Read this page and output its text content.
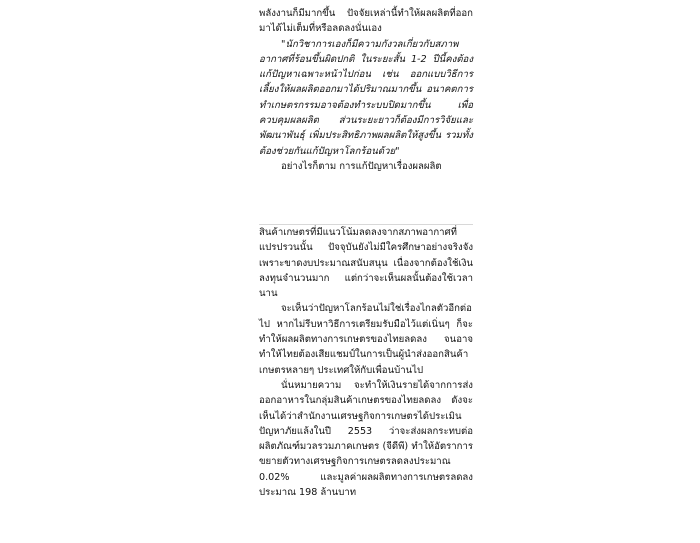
พลังงานก็มีมากขึ้น ปัจจัยเหล่านี้ทำให้ผลผลิตที่ออกมาได้ไม่เต็มที่หรือลดลงนั่นเอง

"นักวิชาการเองก็มีความกังวลเกี่ยวกับสภาพอากาศที่ร้อนขึ้นผิดปกติ ในระยะสั้น 1-2 ปีนี้คงต้องแก้ปัญหาเฉพาะหน้าไปก่อน เช่น ออกแบบวิธีการเลี้ยงให้ผลผลิตออกมาได้ปริมาณมากขึ้น อนาคตการทำเกษตรกรรมอาจต้องทำระบบปิดมากขึ้น เพื่อควบคุมผลผลิต ส่วนระยะยาวก็ต้องมีการวิจัยและพัฒนาพันธุ์ เพิ่มประสิทธิภาพผลผลิตให้สูงขึ้น รวมทั้งต้องช่วยกันแก้ปัญหาโลกร้อนด้วย"

อย่างไรก็ตาม การแก้ปัญหาเรื่องผลผลิต

สินค้าเกษตรที่มีแนวโน้มลดลงจากสภาพอากาศที่แปรปรวนนั้น ปัจจุบันยังไม่มีใครศึกษาอย่างจริงจัง เพราะขาดงบประมาณสนับสนุน เนื่องจากต้องใช้เงินลงทุนจำนวนมาก แต่กว่าจะเห็นผลนั้นต้องใช้เวลานาน

จะเห็นว่าปัญหาโลกร้อนไม่ใช่เรื่องไกลตัวอีกต่อไป หากไม่รีบหาวิธีการเตรียมรับมือไว้แต่เนิ่นๆ ก็จะทำให้ผลผลิตทางการเกษตรของไทยลดลง จนอาจทำให้ไทยต้องเสียแชมป์ในการเป็นผู้นำส่งออกสินค้าเกษตรหลายๆ ประเทศให้กับเพื่อนบ้านไป

นั่นหมายความ จะทำให้เงินรายได้จากการส่งออกอาหารในกลุ่มสินค้าเกษตรของไทยลดลง ดังจะเห็นได้ว่าสำนักงานเศรษฐกิจการเกษตรได้ประเมินปัญหาภัยแล้งในปี 2553 ว่าจะส่งผลกระทบต่อผลิตภัณฑ์มวลรวมภาคเกษตร (จีดีพี) ทำให้อัตราการขยายตัวทางเศรษฐกิจการเกษตรลดลงประมาณ 0.02% และมูลค่าผลผลิตทางการเกษตรลดลงประมาณ 198 ล้านบาท
